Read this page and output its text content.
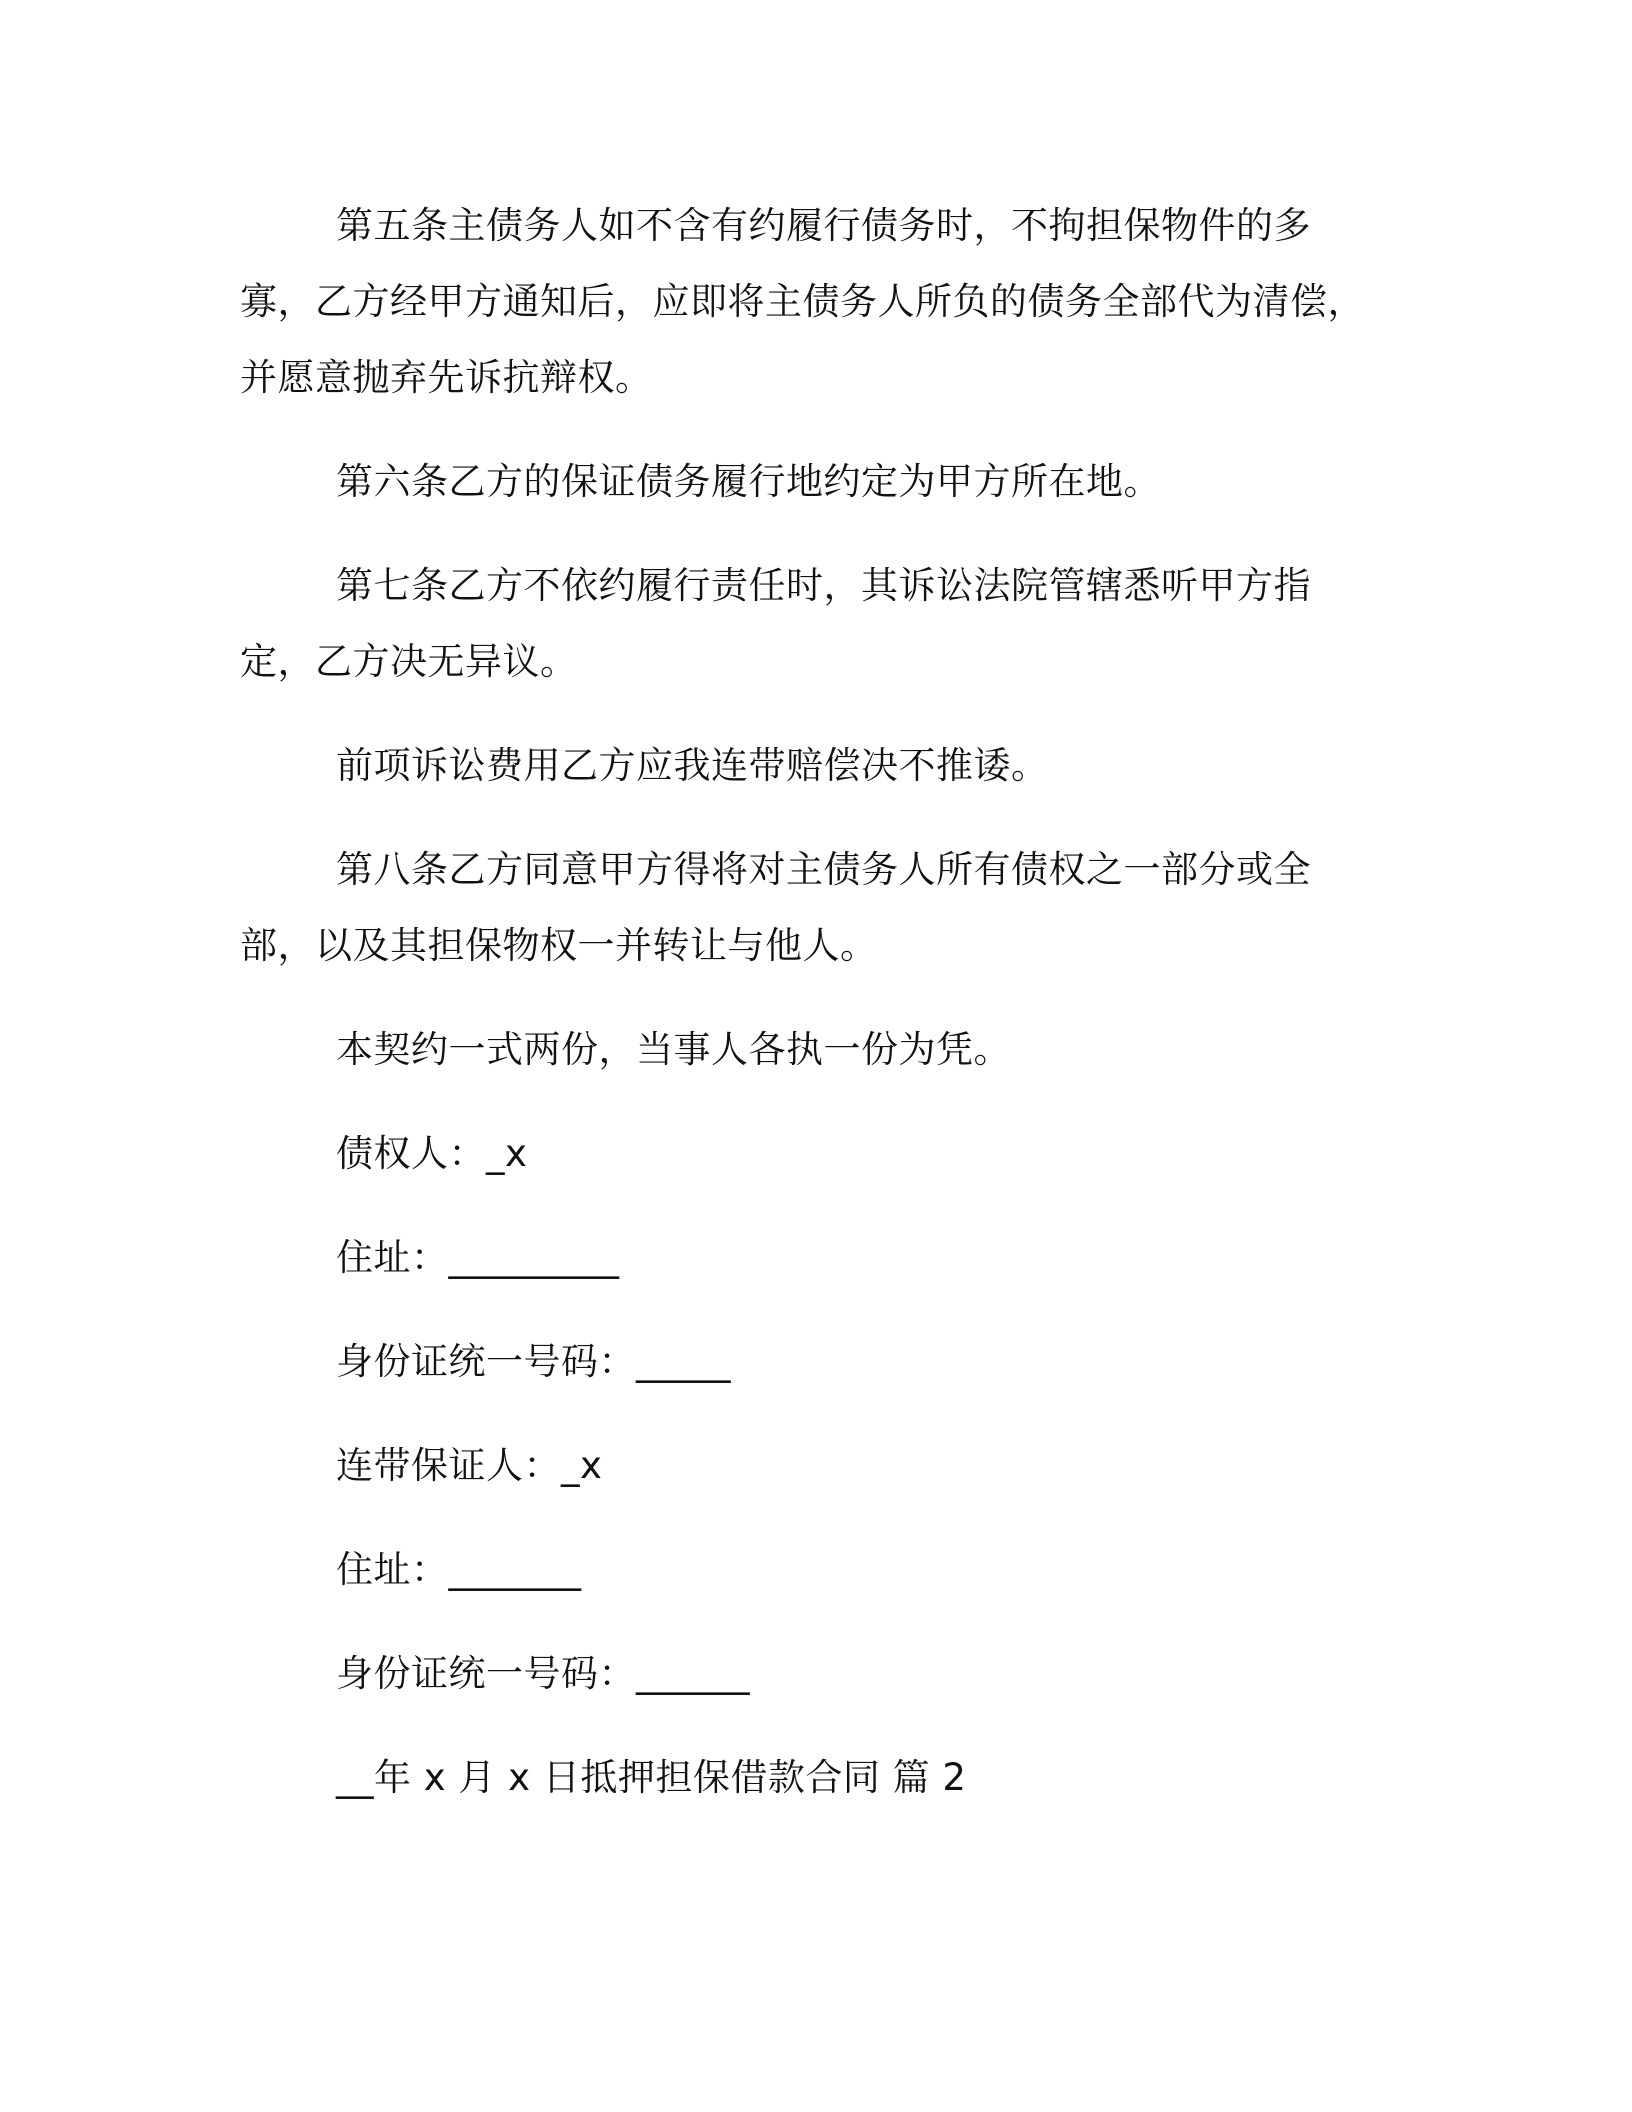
第五条主债务人如不含有约履行债务时，不拘担保物件的多寡，乙方经甲方通知后，应即将主债务人所负的债务全部代为清偿，并愿意抛弃先诉抗辩权。

第六条乙方的保证债务履行地约定为甲方所在地。

第七条乙方不依约履行责任时，其诉讼法院管辖悉听甲方指定，乙方决无异议。

前项诉讼费用乙方应我连带赔偿决不推诿。

第八条乙方同意甲方得将对主债务人所有债权之一部分或全部，以及其担保物权一并转让与他人。

本契约一式两份，当事人各执一份为凭。

债权人：_x

住址：_________

身份证统一号码：_____

连带保证人：_x

住址：_______

身份证统一号码：______

__年 x 月 x 日抵押担保借款合同 篇 2
